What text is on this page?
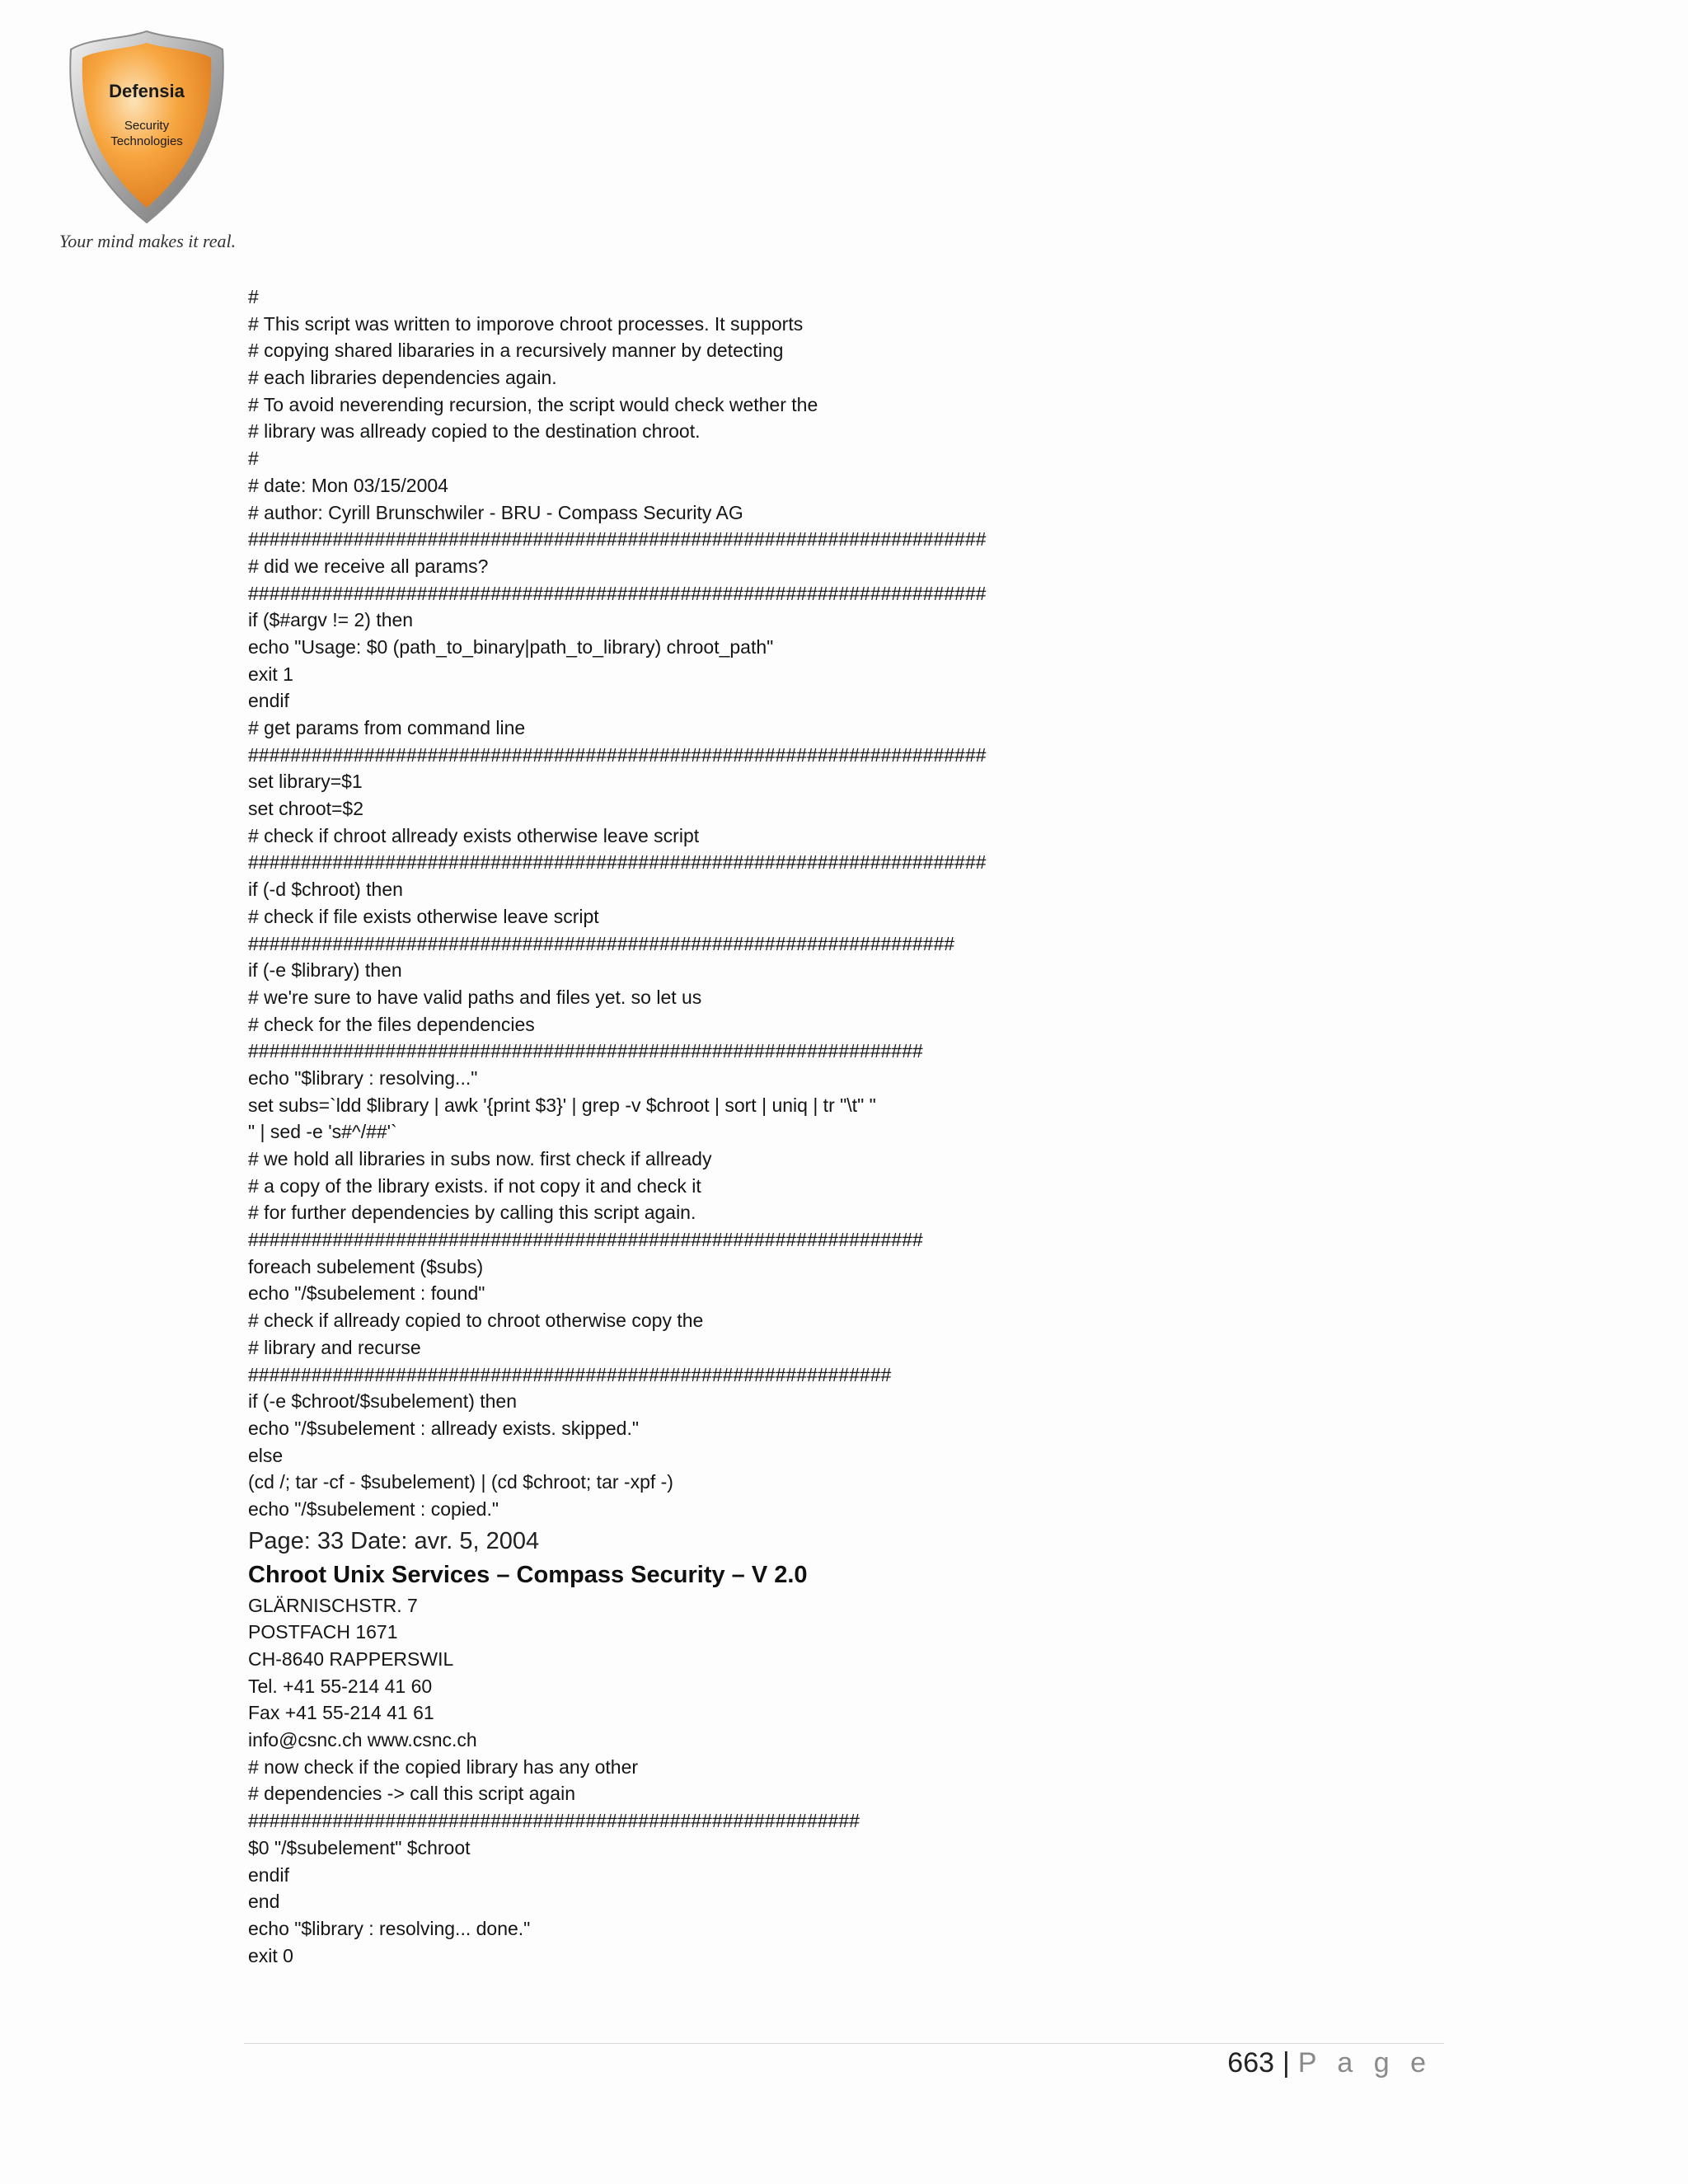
Defensia
Security
Technologies
Your mind makes it real.
#
# This script was written to imporove chroot processes. It supports
# copying shared libararies in a recursively manner by detecting
# each libraries dependencies again.
# To avoid neverending recursion, the script would check wether the
# library was allready copied to the destination chroot.
#
# date: Mon 03/15/2004
# author: Cyrill Brunschwiler - BRU - Compass Security AG
######################################################################
# did we receive all params?
######################################################################
if ($#argv != 2) then
echo "Usage: $0 (path_to_binary|path_to_library) chroot_path"
exit 1
endif
# get params from command line
######################################################################
set library=$1
set chroot=$2
# check if chroot allready exists otherwise leave script
######################################################################
if (-d $chroot) then
# check if file exists otherwise leave script
###################################################################
if (-e $library) then
# we're sure to have valid paths and files yet. so let us
# check for the files dependencies
################################################################
echo "$library : resolving..."
set subs=`ldd $library | awk '{print $3}' | grep -v $chroot | sort | uniq | tr "\t" "
" | sed -e 's#^/##'`
# we hold all libraries in subs now. first check if allready
# a copy of the library exists. if not copy it and check it
# for further dependencies by calling this script again.
################################################################
foreach subelement ($subs)
echo "/$subelement : found"
# check if allready copied to chroot otherwise copy the
# library and recurse
#############################################################
if (-e $chroot/$subelement) then
echo "/$subelement : allready exists. skipped."
else
(cd /; tar -cf - $subelement) | (cd $chroot; tar -xpf -)
echo "/$subelement : copied."
Page: 33 Date: avr. 5, 2004
Chroot Unix Services – Compass Security – V 2.0
GLÄRNISCHSTR. 7
POSTFACH 1671
CH-8640 RAPPERSWIL
Tel. +41 55-214 41 60
Fax +41 55-214 41 61
info@csnc.ch www.csnc.ch
# now check if the copied library has any other
# dependencies -> call this script again
##########################################################
$0 "/$subelement" $chroot
endif
end
echo "$library : resolving... done."
exit 0
663 | P a g e
